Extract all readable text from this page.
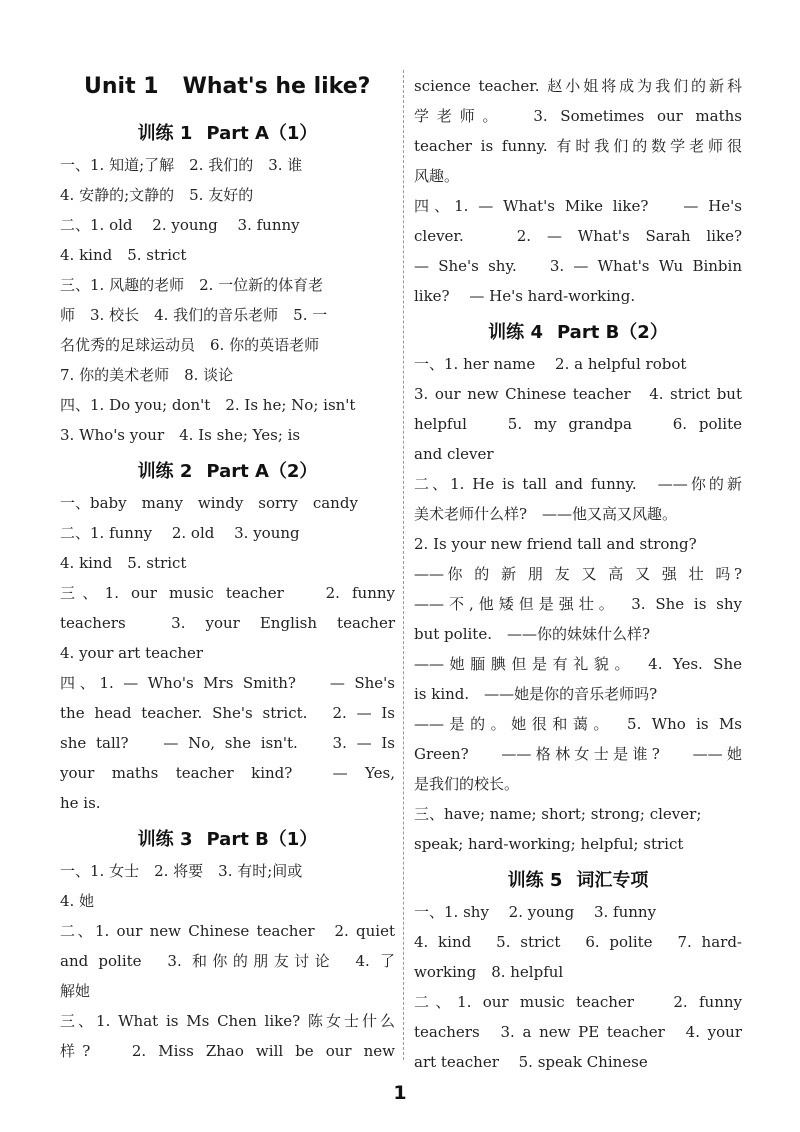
Unit 1 What's he like?
训练 1 Part A（1）
一、1. 知道;了解　2. 我们的　3. 谁
4. 安静的;文静的　5. 友好的
二、1. old　 2. young　 3. funny
4. kind　5. strict
三、1. 风趣的老师　2. 一位新的体育老
师　3. 校长　4. 我们的音乐老师　5. 一
名优秀的足球运动员　6. 你的英语老师
7. 你的美术老师　8. 谈论
四、1. Do you; don't　2. Is he; No; isn't
3. Who's your　4. Is she; Yes; is
训练 2 Part A（2）
一、baby　many　windy　sorry　candy
二、1. funny　 2. old　 3. young
4. kind　5. strict
三、1. our music teacher　 2. funny
teachers　3. your English teacher
4. your art teacher
四、1. — Who's Mrs Smith?　 — She's
the head teacher. She's strict.　2. — Is
she tall?　 — No, she isn't.　 3. — Is
your maths teacher kind?　— Yes,
he is.
训练 3 Part B（1）
一、1. 女士　2. 将要　3. 有时;间或
4. 她
二、1. our new Chinese teacher　2. quiet
and polite　3. 和你的朋友讨论　4. 了
解她
三、1. What is Ms Chen like? 陈女士什么
样?　 2. Miss Zhao will be our new
science teacher. 赵小姐将成为我们的新科
学老师。　 3. Sometimes our maths
teacher is funny. 有时我们的数学老师很
风趣。
四、1. — What's Mike like?　 — He's
clever.　 2. — What's Sarah like?
— She's shy.　 3. — What's Wu Binbin
like?　 — He's hard-working.
训练 4 Part B（2）
一、1. her name　 2. a helpful robot
3. our new Chinese teacher　4. strict but
helpful　 5. my grandpa　 6. polite
and clever
二、1. He is tall and funny.　——你的新
美术老师什么样?　——他又高又风趣。
2. Is your new friend tall and strong?
——你 的 新 朋 友 又 高 又 强 壮 吗?
——不,他矮但是强壮。　3. She is shy
but polite.　——你的妹妹什么样?
——她腼腆但是有礼貌。　4. Yes. She
is kind.　——她是你的音乐老师吗?
——是的。她很和蔼。　5. Who is Ms
Green?　 ——格林女士是谁?　 ——她
是我们的校长。
三、have; name; short; strong; clever;
speak; hard-working; helpful; strict
训练 5 词汇专项
一、1. shy　 2. young　 3. funny
4. kind　5. strict　6. polite　7. hard-
working　8. helpful
二、1. our music teacher　 2. funny
teachers　3. a new PE teacher　4. your
art teacher　 5. speak Chinese
1
